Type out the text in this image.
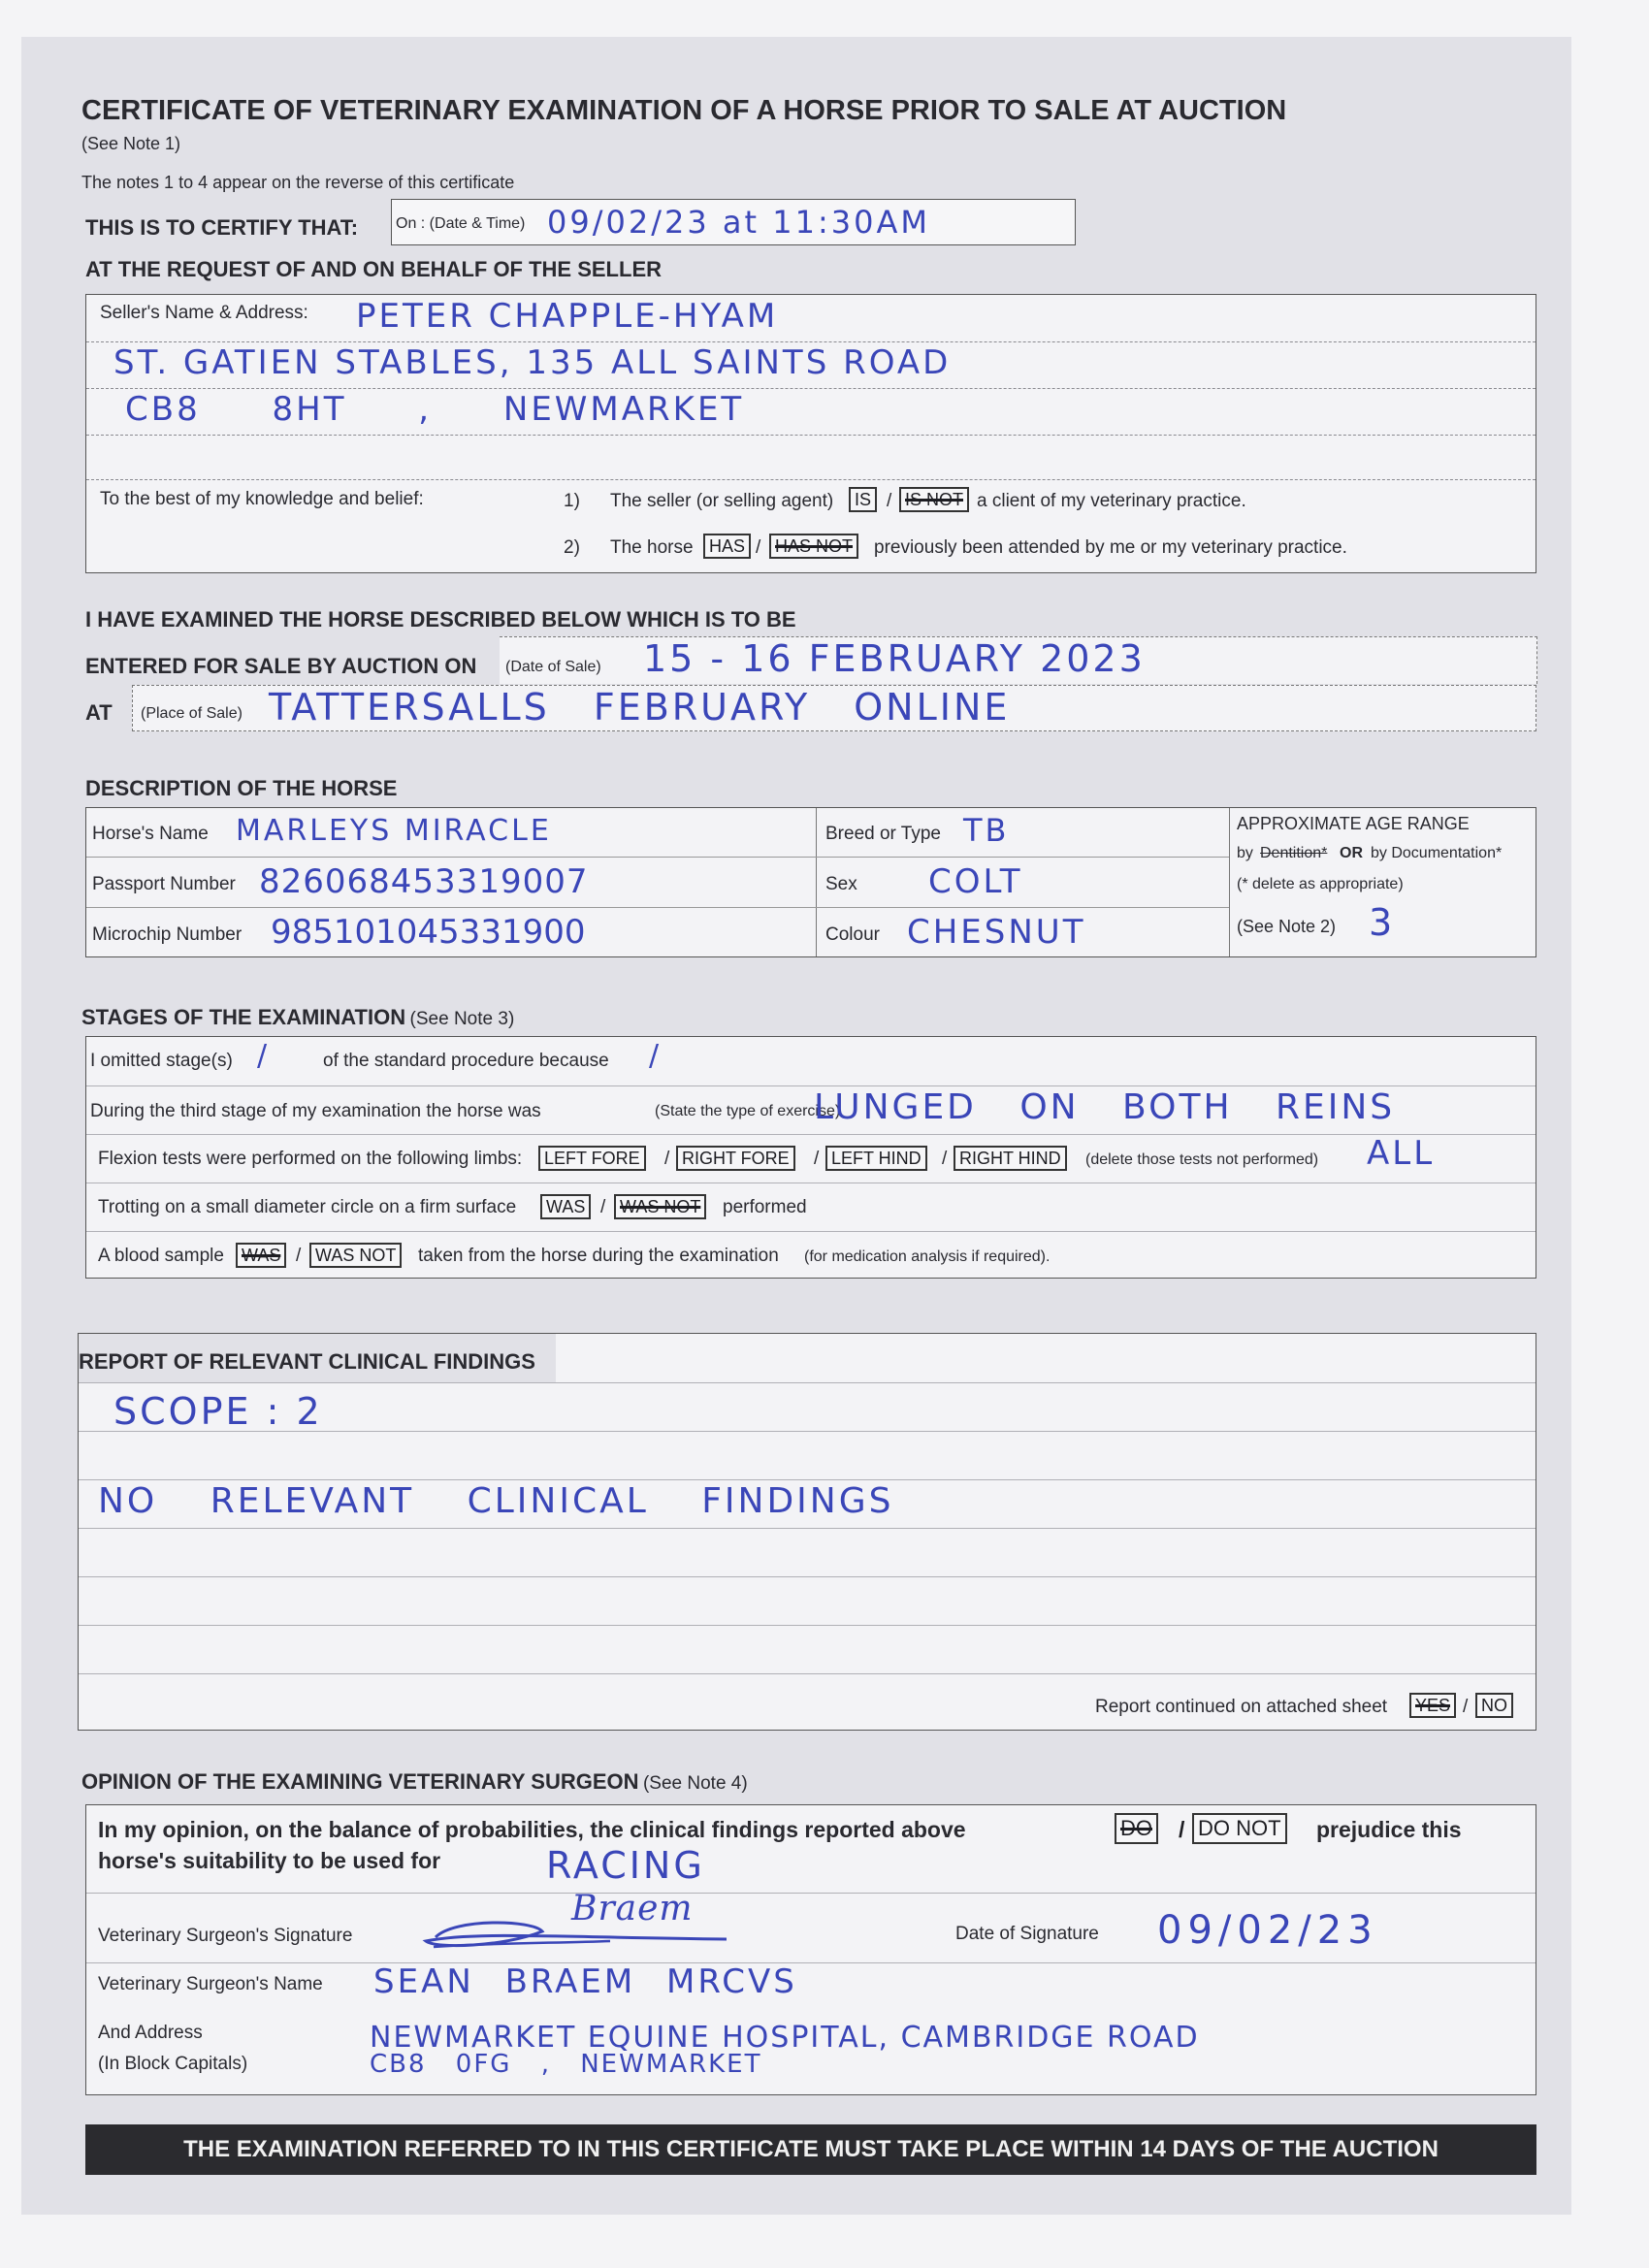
CERTIFICATE OF VETERINARY EXAMINATION OF A HORSE PRIOR TO SALE AT AUCTION
(See Note 1)
The notes 1 to 4 appear on the reverse of this certificate
THIS IS TO CERTIFY THAT: On : (Date & Time) 09/02/23 at 11:30AM
AT THE REQUEST OF AND ON BEHALF OF THE SELLER
Seller's Name & Address: PETER CHAPPLE-HYAM
ST. GATIEN STABLES, 135 ALL SAINTS ROAD
CB8 8HT , NEWMARKET
To the best of my knowledge and belief:	1) The seller (or selling agent)	IS / IS NOT a client of my veterinary practice.
2) The horse HAS / HAS NOT	previously been attended by me or my veterinary practice.
I HAVE EXAMINED THE HORSE DESCRIBED BELOW WHICH IS TO BE
ENTERED FOR SALE BY AUCTION ON (Date of Sale) 15 - 16 FEBRUARY 2023
AT (Place of Sale) TATTERSALLS FEBRUARY ONLINE
DESCRIPTION OF THE HORSE
Horse's Name MARLEYS MIRACLE
Passport Number 826068453319007
Microchip Number 985101045331900
Breed or Type TB
Sex COLT
Colour CHESNUT
APPROXIMATE AGE RANGE
by Dentition* OR by Documentation*
(* delete as appropriate)
(See Note 2) 3
STAGES OF THE EXAMINATION (See Note 3)
I omitted stage(s) /	of the standard procedure because /
During the third stage of my examination the horse was	(State the type of exercise)
LUNGED ON BOTH REINS
Flexion tests were performed on the following limbs:	LEFT FORE	/ RIGHT FORE	/ LEFT HIND	/ RIGHT HIND	(delete those tests not performed) ALL
Trotting on a small diameter circle on a firm surface	WAS / WAS NOT	performed
A blood sample	WAS / WAS NOT	taken from the horse during the examination (for medication analysis if required).
REPORT OF RELEVANT CLINICAL FINDINGS
SCOPE : 2
NO RELEVANT CLINICAL FINDINGS
Report continued on attached sheet	YES / NO
OPINION OF THE EXAMINING VETERINARY SURGEON (See Note 4)
In my opinion, on the balance of probabilities, the clinical findings reported above	DO / DO NOT prejudice this
horse's suitability to be used for	RACING
Veterinary Surgeon's Signature
Braem
Date of Signature 09/02/23
Veterinary Surgeon's Name SEAN BRAEM MRCVS
And Address
(In Block Capitals)
NEWMARKET EQUINE HOSPITAL, CAMBRIDGE ROAD
CB8 0FG , NEWMARKET
THE EXAMINATION REFERRED TO IN THIS CERTIFICATE MUST TAKE PLACE WITHIN 14 DAYS OF THE AUCTION
